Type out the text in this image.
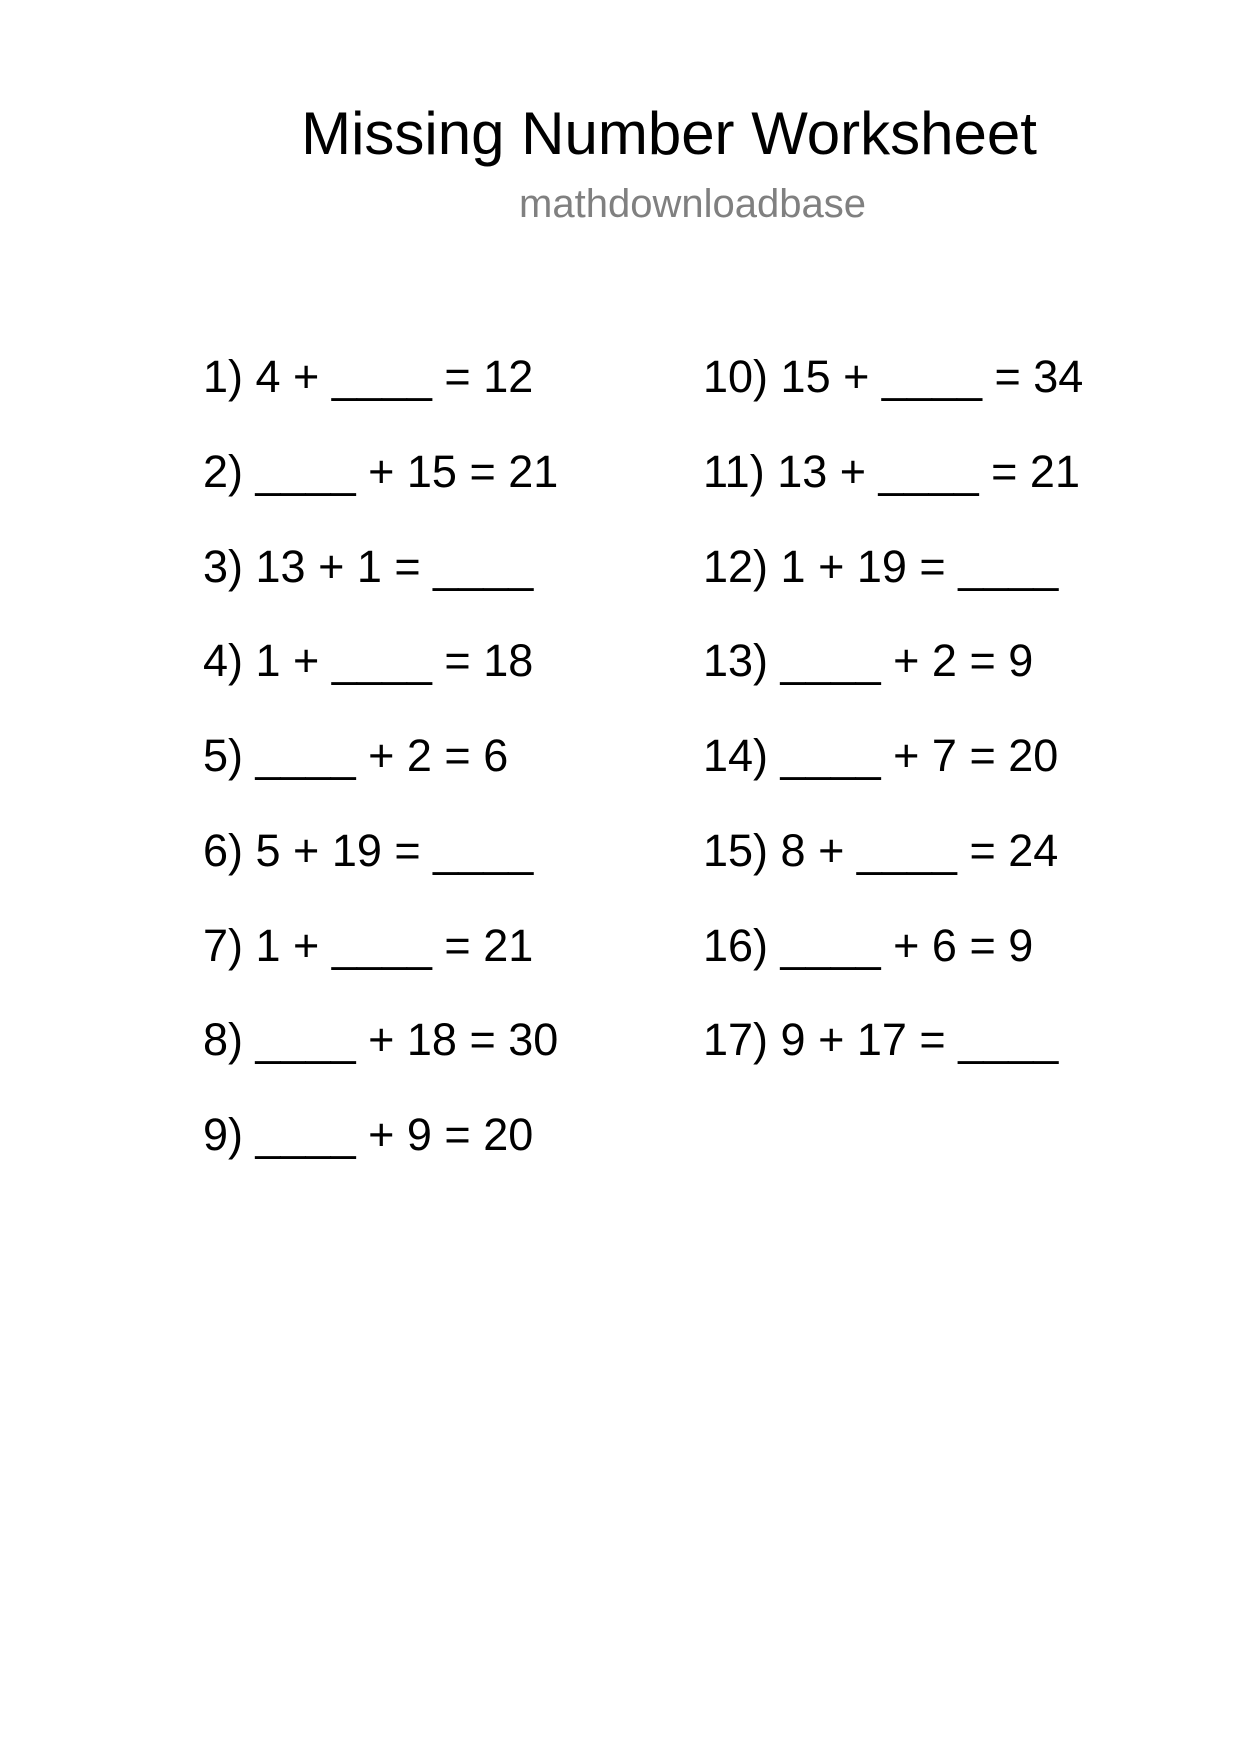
Missing Number Worksheet
mathdownloadbase
1) 4 + ____ = 12
2) ____ + 15 = 21
3) 13 + 1 = ____
4) 1 + ____ = 18
5) ____ + 2 = 6
6) 5 + 19 = ____
7) 1 + ____ = 21
8) ____ + 18 = 30
9) ____ + 9 = 20
10) 15 + ____ = 34
11) 13 + ____ = 21
12) 1 + 19 = ____
13) ____ + 2 = 9
14) ____ + 7 = 20
15) 8 + ____ = 24
16) ____ + 6 = 9
17) 9 + 17 = ____
